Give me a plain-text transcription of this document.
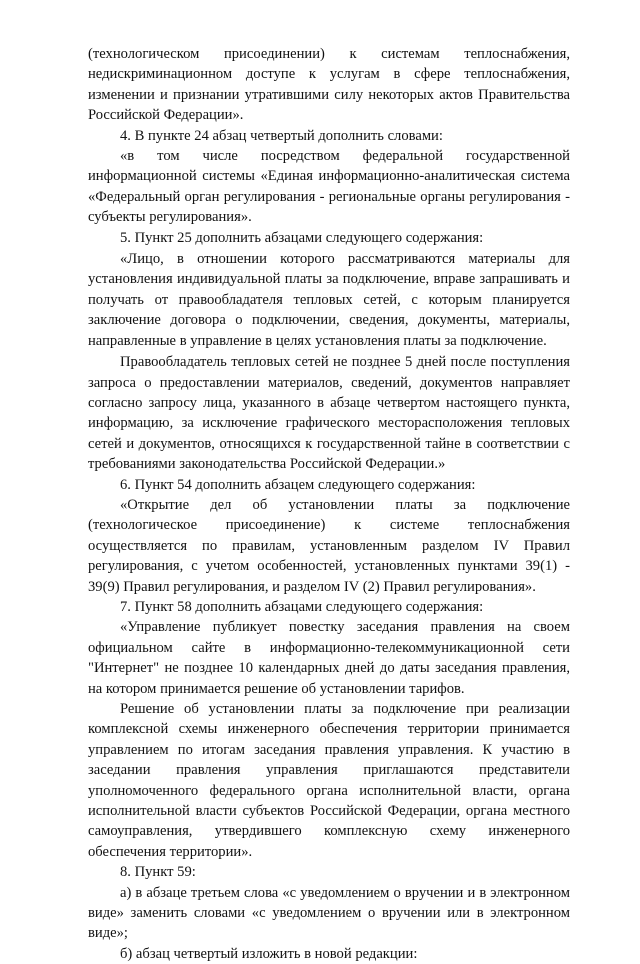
(технологическом присоединении) к системам теплоснабжения, недискриминационном доступе к услугам в сфере теплоснабжения, изменении и признании утратившими силу некоторых актов Правительства Российской Федерации».

4. В пункте 24 абзац четвертый дополнить словами:

«в том числе посредством федеральной государственной информационной системы «Единая информационно-аналитическая система «Федеральный орган регулирования - региональные органы регулирования - субъекты регулирования».

5. Пункт 25 дополнить абзацами следующего содержания:

«Лицо, в отношении которого рассматриваются материалы для установления индивидуальной платы за подключение, вправе запрашивать и получать от правообладателя тепловых сетей, с которым планируется заключение договора о подключении, сведения, документы, материалы, направленные в управление в целях установления платы за подключение.

Правообладатель тепловых сетей не позднее 5 дней после поступления запроса о предоставлении материалов, сведений, документов направляет согласно запросу лица, указанного в абзаце четвертом настоящего пункта, информацию, за исключение графического месторасположения тепловых сетей и документов, относящихся к государственной тайне в соответствии с требованиями законодательства Российской Федерации.»

6. Пункт 54 дополнить абзацем следующего содержания:

«Открытие дел об установлении платы за подключение (технологическое присоединение) к системе теплоснабжения осуществляется по правилам, установленным разделом IV Правил регулирования, с учетом особенностей, установленных пунктами 39(1) - 39(9) Правил регулирования, и разделом IV (2) Правил регулирования».

7. Пункт 58 дополнить абзацами следующего содержания:

«Управление публикует повестку заседания правления на своем официальном сайте в информационно-телекоммуникационной сети "Интернет" не позднее 10 календарных дней до даты заседания правления, на котором принимается решение об установлении тарифов.

Решение об установлении платы за подключение при реализации комплексной схемы инженерного обеспечения территории принимается управлением по итогам заседания правления управления. К участию в заседании правления управления приглашаются представители уполномоченного федерального органа исполнительной власти, органа исполнительной власти субъектов Российской Федерации, органа местного самоуправления, утвердившего комплексную схему инженерного обеспечения территории».

8. Пункт 59:

а) в абзаце третьем слова «с уведомлением о вручении и в электронном виде» заменить словами «с уведомлением о вручении или в электронном виде»;

б) абзац четвертый изложить в новой редакции:
